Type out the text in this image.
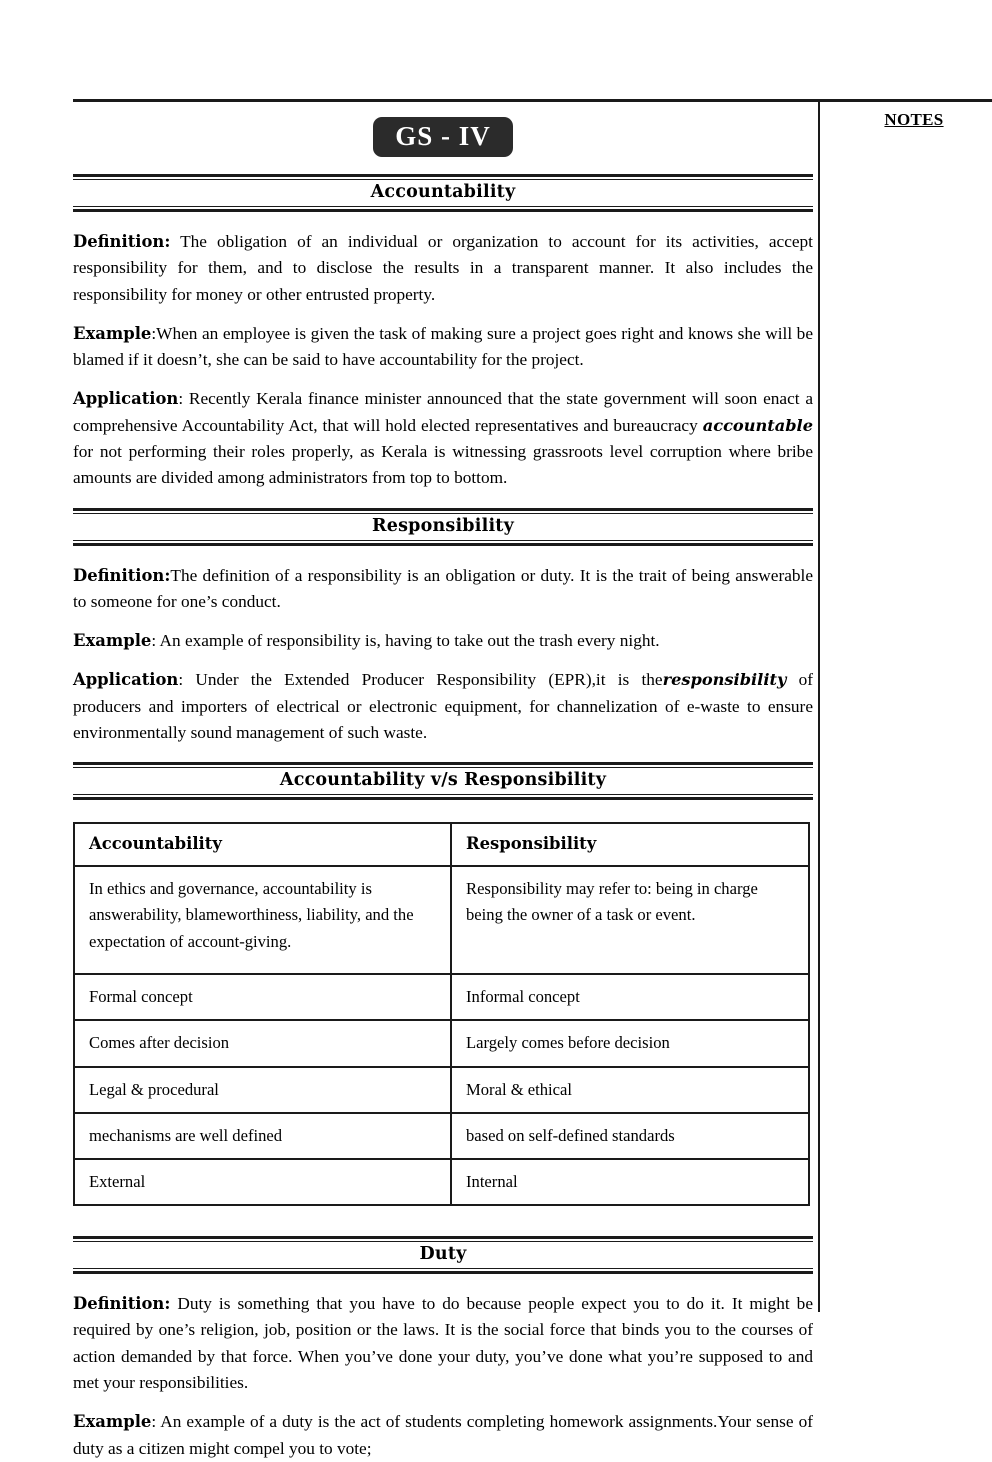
NOTES
GS - IV
Accountability

Definition: The obligation of an individual or organization to account for its activities, accept responsibility for them, and to disclose the results in a transparent manner. It also includes the responsibility for money or other entrusted property.

Example:When an employee is given the task of making sure a project goes right and knows she will be blamed if it doesn’t, she can be said to have accountability for the project.

Application: Recently Kerala finance minister announced that the state government will soon enact a comprehensive Accountability Act, that will hold elected representatives and bureaucracy accountable for not performing their roles properly, as Kerala is witnessing grassroots level corruption where bribe amounts are divided among administrators from top to bottom.

Responsibility

Definition:The definition of a responsibility is an obligation or duty. It is the trait of being answerable to someone for one’s conduct.

Example: An example of responsibility is, having to take out the trash every night.

Application: Under the Extended Producer Responsibility (EPR),it is theresponsibility of producers and importers of electrical or electronic equipment, for channelization of e-waste to ensure environmentally sound management of such waste.

Accountability v/s Responsibility
Accountability	Responsibility
In ethics and governance, accountability is answerability, blameworthiness, liability, and the expectation of account-giving.	Responsibility may refer to: being in charge being the owner of a task or event.
Formal concept	Informal concept
Comes after decision	Largely comes before decision
Legal & procedural	Moral & ethical
mechanisms are well defined	based on self-defined standards
External	Internal
Duty

Definition: Duty is something that you have to do because people expect you to do it. It might be required by one’s religion, job, position or the laws. It is the social force that binds you to the courses of action demanded by that force. When you’ve done your duty, you’ve done what you’re supposed to and met your responsibilities.

Example: An example of a duty is the act of students completing homework assignments.Your sense of duty as a citizen might compel you to vote;
